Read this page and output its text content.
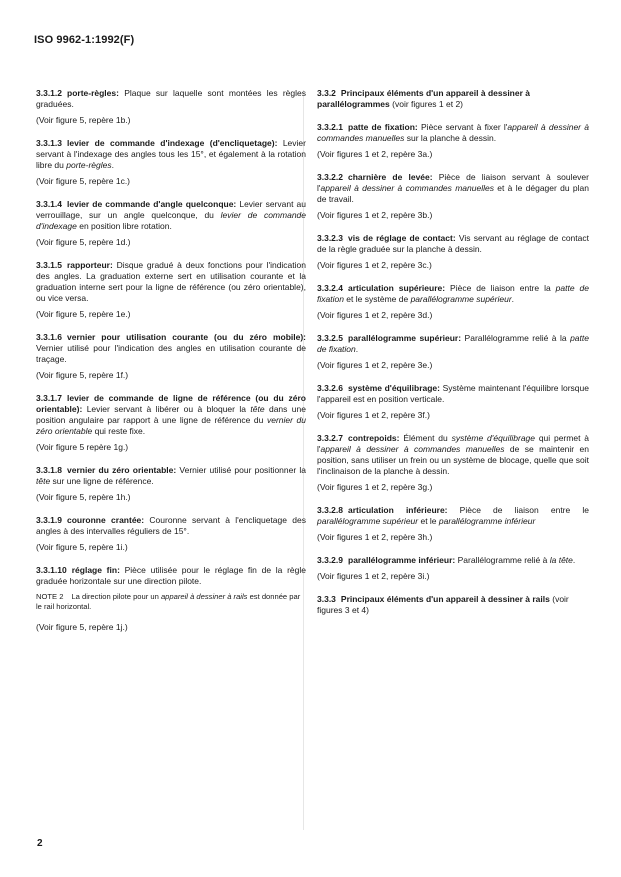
ISO 9962-1:1992(F)

3.3.1.2 porte-règles: Plaque sur laquelle sont montées les règles graduées.

(Voir figure 5, repère 1b.)

3.3.1.3 levier de commande d'indexage (d'encliquetage): Levier servant à l'indexage des angles tous les 15°, et également à la rotation libre du porte-règles.

(Voir figure 5, repère 1c.)

3.3.1.4 levier de commande d'angle quelconque: Levier servant au verrouillage, sur un angle quelconque, du levier de commande d'indexage en position libre rotation.

(Voir figure 5, repère 1d.)

3.3.1.5 rapporteur: Disque gradué à deux fonctions pour l'indication des angles. La graduation externe sert en utilisation courante et la graduation interne sert pour la ligne de référence (ou zéro orientable), ou vice versa.

(Voir figure 5, repère 1e.)

3.3.1.6 vernier pour utilisation courante (ou du zéro mobile): Vernier utilisé pour l'indication des angles en utilisation courante de traçage.

(Voir figure 5, repère 1f.)

3.3.1.7 levier de commande de ligne de référence (ou du zéro orientable): Levier servant à libérer ou à bloquer la tête dans une position angulaire par rapport à une ligne de référence du vernier du zéro orientable qui reste fixe.

(Voir figure 5 repère 1g.)

3.3.1.8 vernier du zéro orientable: Vernier utilisé pour positionner la tête sur une ligne de référence.

(Voir figure 5, repère 1h.)

3.3.1.9 couronne crantée: Couronne servant à l'encliquetage des angles à des intervalles réguliers de 15°.

(Voir figure 5, repère 1i.)

3.3.1.10 réglage fin: Pièce utilisée pour le réglage fin de la règle graduée horizontale sur une direction pilote.

NOTE 2 La direction pilote pour un appareil à dessiner à rails est donnée par le rail horizontal.

(Voir figure 5, repère 1j.)

3.3.2 Principaux éléments d'un appareil à dessiner à parallélogrammes (voir figures 1 et 2)

3.3.2.1 patte de fixation: Pièce servant à fixer l'appareil à dessiner à commandes manuelles sur la planche à dessin.

(Voir figures 1 et 2, repère 3a.)

3.3.2.2 charnière de levée: Pièce de liaison servant à soulever l'appareil à dessiner à commandes manuelles et à le dégager du plan de travail.

(Voir figures 1 et 2, repère 3b.)

3.3.2.3 vis de réglage de contact: Vis servant au réglage de contact de la règle graduée sur la planche à dessin.

(Voir figures 1 et 2, repère 3c.)

3.3.2.4 articulation supérieure: Pièce de liaison entre la patte de fixation et le système de parallélogramme supérieur.

(Voir figures 1 et 2, repère 3d.)

3.3.2.5 parallélogramme supérieur: Parallélogramme relié à la patte de fixation.

(Voir figures 1 et 2, repère 3e.)

3.3.2.6 système d'équilibrage: Système maintenant l'équilibre lorsque l'appareil est en position verticale.

(Voir figures 1 et 2, repère 3f.)

3.3.2.7 contrepoids: Élément du système d'équilibrage qui permet à l'appareil à dessiner à commandes manuelles de se maintenir en position, sans utiliser un frein ou un système de blocage, quelle que soit l'inclinaison de la planche à dessin.

(Voir figures 1 et 2, repère 3g.)

3.3.2.8 articulation inférieure: Pièce de liaison entre le parallélogramme supérieur et le parallélogramme inférieur

(Voir figures 1 et 2, repère 3h.)

3.3.2.9 parallélogramme inférieur: Parallélogramme relié à la tête.

(Voir figures 1 et 2, repère 3i.)

3.3.3 Principaux éléments d'un appareil à dessiner à rails (voir figures 3 et 4)

2
